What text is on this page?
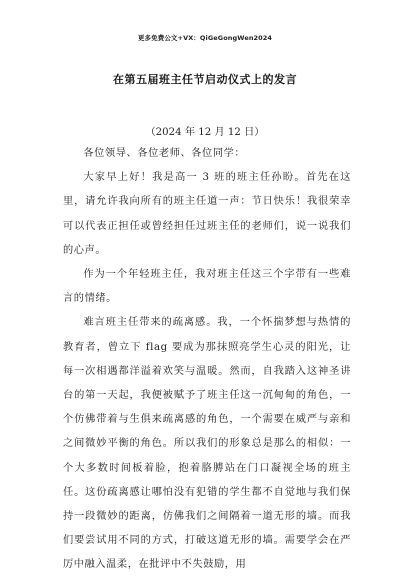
更多免费公文+VX：QiGeGongWen2024
在第五届班主任节启动仪式上的发言
（2024 年 12 月 12 日）

各位领导、各位老师、各位同学：

大家早上好！我是高一 3 班的班主任孙盼。首先在这里，请允许我向所有的班主任道一声：节日快乐！我很荣幸可以代表正担任或曾经担任过班主任的老师们，说一说我们的心声。

作为一个年轻班主任，我对班主任这三个字带有一些难言的情绪。

难言班主任带来的疏离感。我，一个怀揣梦想与热情的教育者，曾立下 flag 要成为那抹照亮学生心灵的阳光，让每一次相遇都洋溢着欢笑与温暖。然而，自我踏入这神圣讲台的第一天起，我便被赋予了班主任这一沉甸甸的角色，一个仿佛带着与生俱来疏离感的角色，一个需要在威严与亲和之间微妙平衡的角色。所以我们的形象总是那么的相似：一个大多数时间板着脸，抱着胳膊站在门口凝视全场的班主任。这份疏离感让哪怕没有犯错的学生都不自觉地与我们保持一段微妙的距离，仿佛我们之间隔着一道无形的墙。而我们要尝试用不同的方式，打破这道无形的墙。需要学会在严厉中融入温柔，在批评中不失鼓励，用
